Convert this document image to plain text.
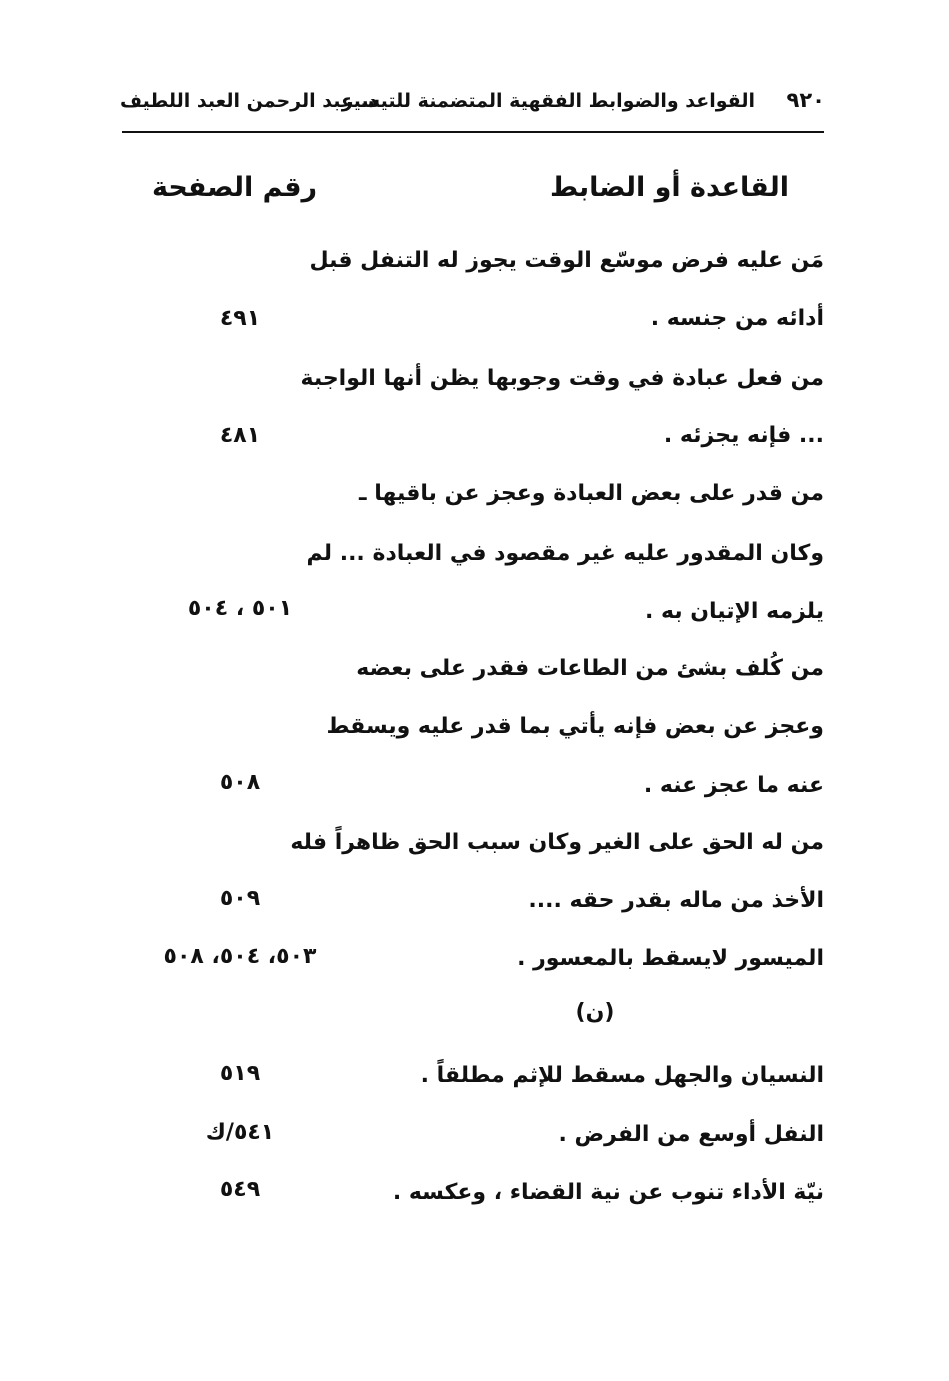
٩٢٠
القواعد والضوابط الفقهية المتضمنة للتيسير
د. عبد الرحمن العبد اللطيف
القاعدة أو الضابط
رقم الصفحة
مَن عليه فرض موسّع الوقت يجوز له التنفل قبل
أدائه من جنسه .
٤٩١
من فعل عبادة في وقت وجوبها يظن أنها الواجبة
... فإنه يجزئه .
٤٨١
من قدر على بعض العبادة وعجز عن باقيها ـ
وكان المقدور عليه غير مقصود في العبادة ... لم
يلزمه الإتيان به .
٥٠١ ، ٥٠٤
من كُلف بشئ من الطاعات فقدر على بعضه
وعجز عن بعض فإنه يأتي بما قدر عليه ويسقط
عنه ما عجز عنه .
٥٠٨
من له الحق على الغير وكان سبب الحق ظاهراً فله
الأخذ من ماله بقدر حقه ....
٥٠٩
الميسور لايسقط بالمعسور .
٥٠٣، ٥٠٤، ٥٠٨
(ن)
النسيان والجهل مسقط للإثم مطلقاً .
٥١٩
النفل أوسع من الفرض .
٥٤١/ك
نيّة الأداء تنوب عن نية القضاء ، وعكسه .
٥٤٩
